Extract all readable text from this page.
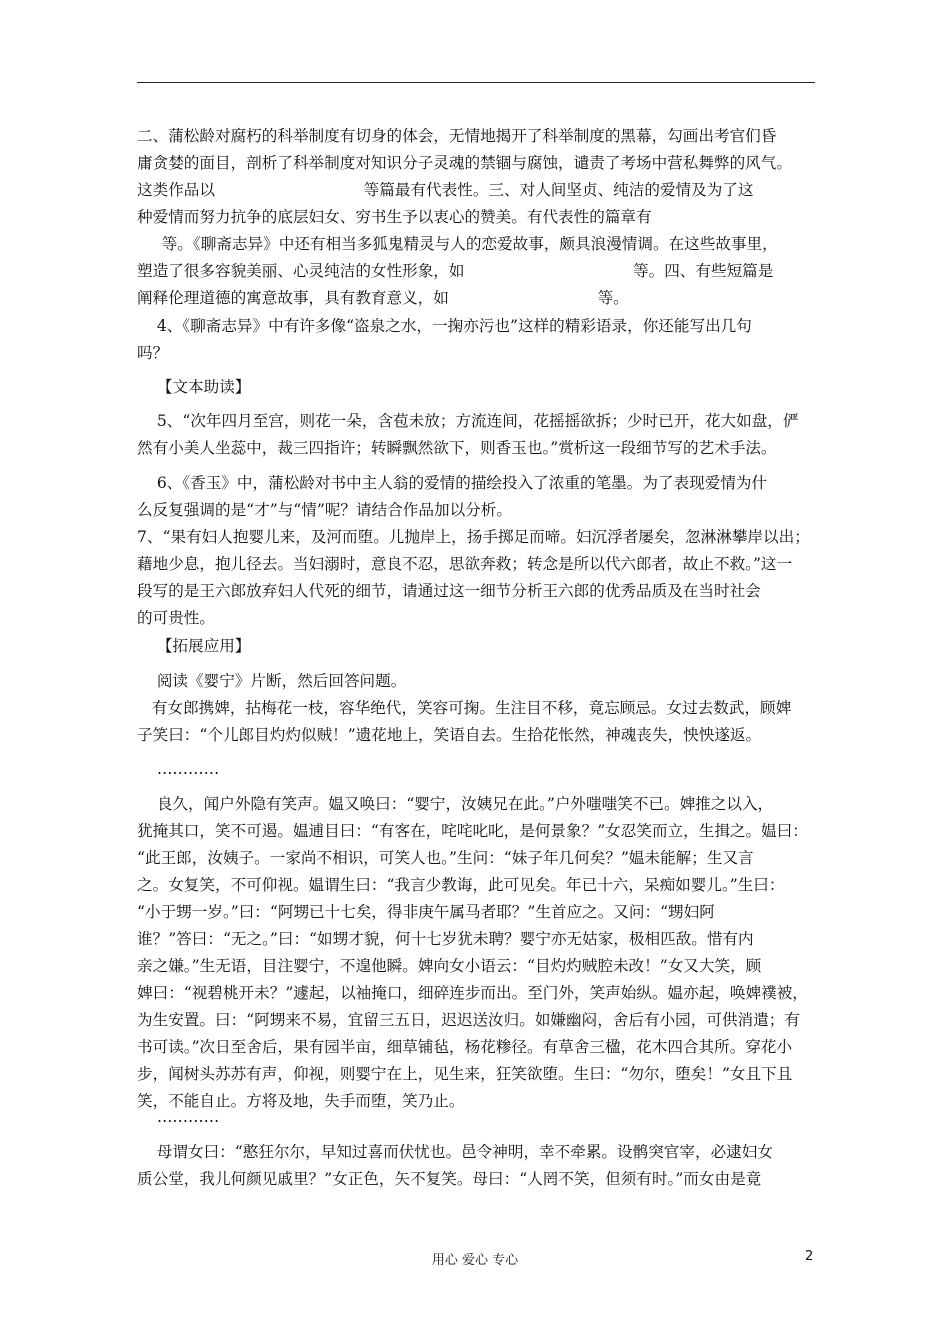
二、蒲松龄对腐朽的科举制度有切身的体会，无情地揭开了科举制度的黑幕，勾画出考官们昏
庸贪婪的面目，剖析了科举制度对知识分子灵魂的禁锢与腐蚀，谴责了考场中营私舞弊的风气。
这类作品以                              等篇最有代表性。三、对人间坚贞、纯洁的爱情及为了这
种爱情而努力抗争的底层妇女、穷书生予以衷心的赞美。有代表性的篇章有
等。《聊斋志异》中还有相当多狐鬼精灵与人的恋爱故事，颇具浪漫情调。在这些故事里，
塑造了很多容貌美丽、心灵纯洁的女性形象，如                                  等。四、有些短篇是
阐释伦理道德的寓意故事，具有教育意义，如                              等。

4、《聊斋志异》中有许多像“盗泉之水，一掬亦污也”这样的精彩语录，你还能写出几句
吗？

【文本助读】

5、“次年四月至宫，则花一朵，含苞未放；方流连间，花摇摇欲拆；少时已开，花大如盘，俨
然有小美人坐蕊中，裁三四指许；转瞬飘然欲下，则香玉也。”赏析这一段细节写的艺术手法。

6、《香玉》中，蒲松龄对书中主人翁的爱情的描绘投入了浓重的笔墨。为了表现爱情为什
么反复强调的是“才”与“情”呢？请结合作品加以分析。
7、“果有妇人抱婴儿来，及河而堕。儿抛岸上，扬手掷足而啼。妇沉浮者屡矣，忽淋淋攀岸以出；
藉地少息，抱儿径去。当妇溺时，意良不忍，思欲奔救；转念是所以代六郎者，故止不救。”这一
段写的是王六郎放弃妇人代死的细节，请通过这一细节分析王六郎的优秀品质及在当时社会
的可贵性。

【拓展应用】

阅读《婴宁》片断，然后回答问题。
有女郎携婢，拈梅花一枝，容华绝代，笑容可掬。生注目不移，竟忘顾忌。女过去数武，顾婢
子笑曰：“个儿郎目灼灼似贼！”遗花地上，笑语自去。生拾花怅然，神魂丧失，怏怏遂返。

…………

良久，闻户外隐有笑声。媪又唤曰：“婴宁，汝姨兄在此。”户外嗤嗤笑不已。婢推之以入，
犹掩其口，笑不可遏。媪逋目曰：“有客在，咤咤叱叱，是何景象？”女忍笑而立，生揖之。媪曰：
“此王郎，汝姨子。一家尚不相识，可笑人也。”生问：“妹子年几何矣？”媪未能解；生又言
之。女复笑，不可仰视。媪谓生曰：“我言少教诲，此可见矣。年已十六，呆痴如婴儿。”生曰：
“小于甥一岁。”曰：“阿甥已十七矣，得非庚午属马者耶？”生首应之。又问：“甥妇阿
谁？”答曰：“无之。”曰：“如甥才貌，何十七岁犹未聘？婴宁亦无姑家，极相匹敌。惜有内
亲之嫌。”生无语，目注婴宁，不遑他瞬。婢向女小语云：“目灼灼贼腔未改！”女又大笑，顾
婢曰：“视碧桃开未？”遽起，以袖掩口，细碎连步而出。至门外，笑声始纵。媪亦起，唤婢襆被，
为生安置。曰：“阿甥来不易，宜留三五日，迟迟送汝归。如嫌幽闷，舍后有小园，可供消遣；有
书可读。”次日至舍后，果有园半亩，细草铺毡，杨花糁径。有草舍三楹，花木四合其所。穿花小
步，闻树头苏苏有声，仰视，则婴宁在上，见生来，狂笑欲堕。生曰：“勿尔，堕矣！”女且下且
笑，不能自止。方将及地，失手而堕，笑乃止。

…………

母谓女曰：“憨狂尔尔，早知过喜而伏忧也。邑令神明，幸不牵累。设鹘突官宰，必逮妇女
质公堂，我儿何颜见戚里？”女正色，矢不复笑。母曰：“人罔不笑，但须有时。”而女由是竟

用心 爱心 专心	2
